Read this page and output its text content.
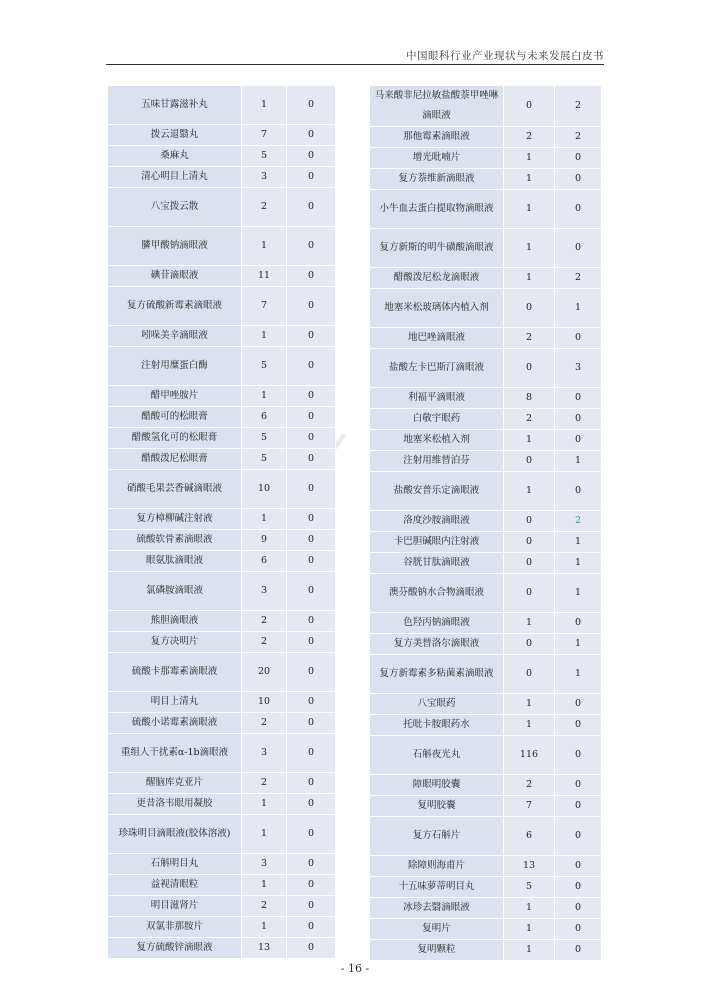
中国眼科行业产业现状与未来发展白皮书
五味甘露滋补丸	1	0
拨云退翳丸	7	0
桑麻丸	5	0
清心明目上清丸	3	0
八宝拨云散	2	0
膦甲酸钠滴眼液	1	0
碘苷滴眼液	11	0
复方硫酸新霉素滴眼液	7	0
吲哚美辛滴眼液	1	0
注射用糜蛋白酶	5	0
醋甲唑胺片	1	0
醋酸可的松眼膏	6	0
醋酸氢化可的松眼膏	5	0
醋酸泼尼松眼膏	5	0
硝酸毛果芸香碱滴眼液	10	0
复方樟柳碱注射液	1	0
硫酸软骨素滴眼液	9	0
眼氨肽滴眼液	6	0
氯磷胺滴眼液	3	0
熊胆滴眼液	2	0
复方决明片	2	0
硫酸卡那霉素滴眼液	20	0
明目上清丸	10	0
硫酸小诺霉素滴眼液	2	0
重组人干扰素α-1b滴眼液	3	0
醒脑库克亚片	2	0
更昔洛韦眼用凝胶	1	0
珍珠明目滴眼液(胶体溶液)	1	0
石斛明目丸	3	0
益视清眼粒	1	0
明目滋肾片	2	0
双氯非那胺片	1	0
复方硫酸锌滴眼液	13	0
马来酸非尼拉敏盐酸萘甲唑啉滴眼液	0	2
那他霉素滴眼液	2	2
增光吡喃片	1	0
复方萘维新滴眼液	1	0
小牛血去蛋白提取物滴眼液	1	0
复方新斯的明牛磺酸滴眼液	1	0
醋酸泼尼松龙滴眼液	1	2
地塞米松玻璃体内植入剂	0	1
地巴唑滴眼液	2	0
盐酸左卡巴斯汀滴眼液	0	3
利福平滴眼液	8	0
白敬宇眼药	2	0
地塞米松植入剂	1	0
注射用维替泊芬	0	1
盐酸安普乐定滴眼液	1	0
洛度沙胺滴眼液	0	2
卡巴胆碱眼内注射液	0	1
谷胱甘肽滴眼液	0	1
澳芬酸钠水合物滴眼液	0	1
色羟丙钠滴眼液	1	0
复方美替洛尔滴眼液	0	1
复方新霉素多粘菌素滴眼液	0	1
八宝眼药	1	0
托吡卡胺眼药水	1	0
石斛夜光丸	116	0
障眼明胶囊	2	0
复明胶囊	7	0
复方石斛片	6	0
除障则海甫片	13	0
十五味萝蒂明目丸	5	0
冰珍去翳滴眼液	1	0
复明片	1	0
复明颗粒	1	0
- 16 -
